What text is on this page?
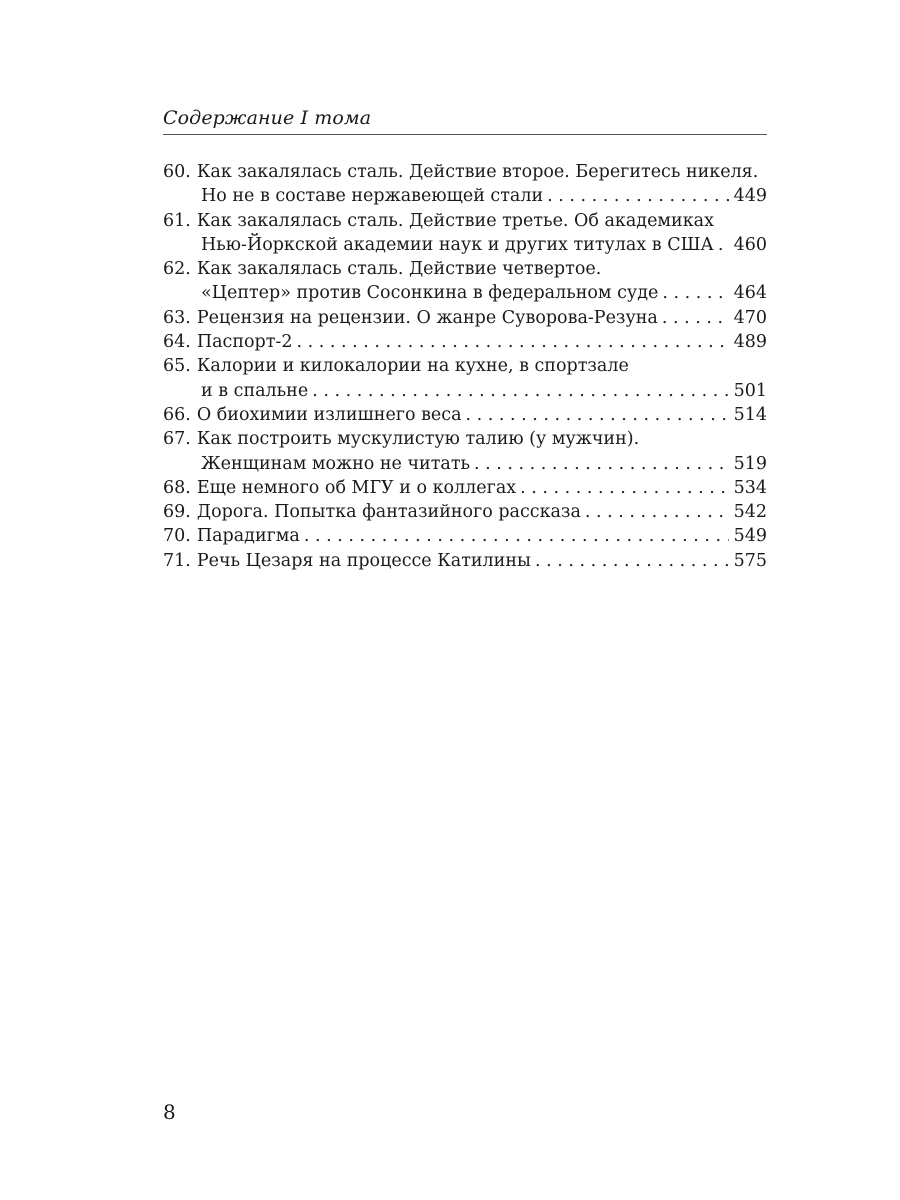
Содержание I тома
60. Как закалялась сталь. Действие второе. Берегитесь никеля.
Но не в составе нержавеющей стали . . .	449
61. Как закалялась сталь. Действие третье. Об академиках
Нью-Йоркской академии наук и других титулах в США . . . 460
62. Как закалялась сталь. Действие четвертое.
«Цептер» против Сосонкина в федеральном суде . . .	464
63. Рецензия на рецензии. О жанре Суворова-Резуна . . .	470
64. Паспорт-2 . . .	489
65. Калории и килокалории на кухне, в спортзале
и в спальне . . .	501
66. О биохимии излишнего веса . . .	514
67. Как построить мускулистую талию (у мужчин).
Женщинам можно не читать . . .	519
68. Еще немного об МГУ и о коллегах . . .	534
69. Дорога. Попытка фантазийного рассказа . . .	542
70. Парадигма . . .	549
71. Речь Цезаря на процессе Катилины . . .	575
8
